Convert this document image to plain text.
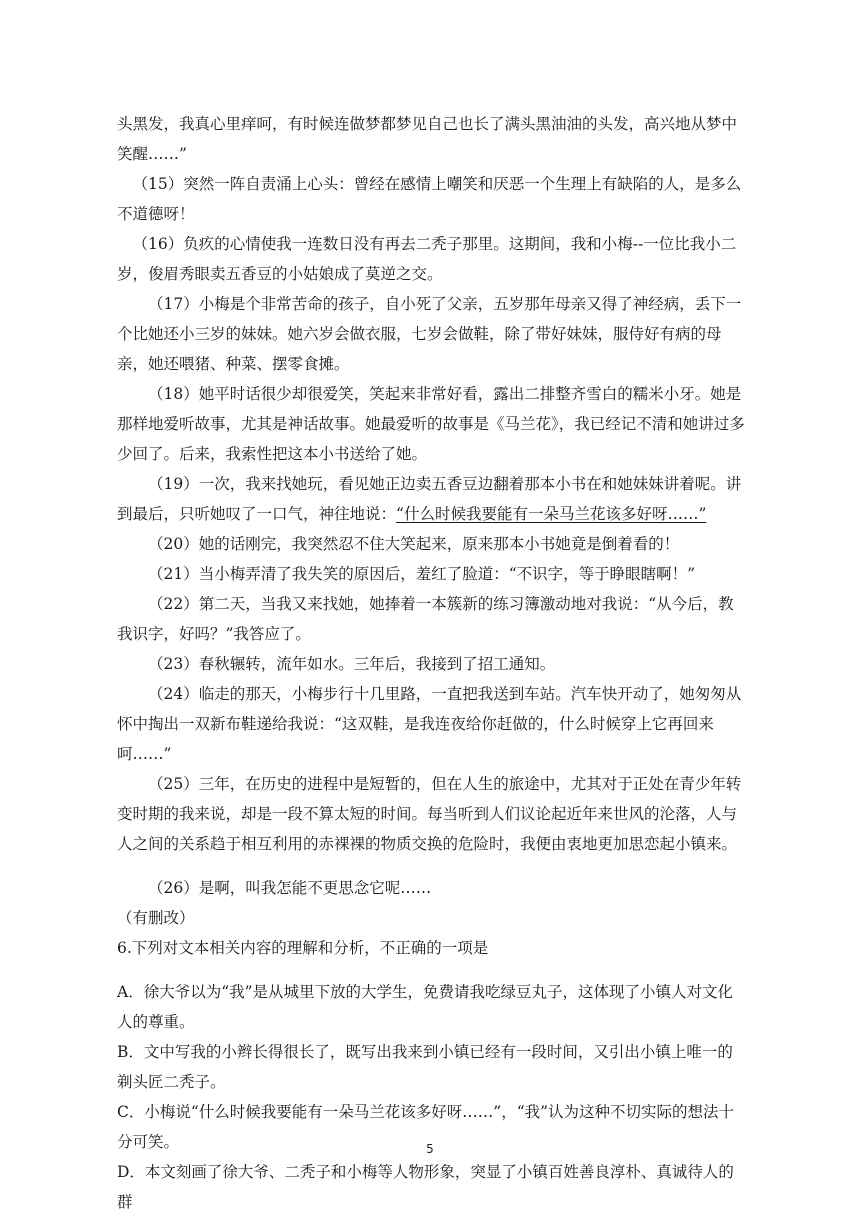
头黑发，我真心里痒呵，有时候连做梦都梦见自己也长了满头黑油油的头发，高兴地从梦中笑醒……”

（15）突然一阵自责涌上心头：曾经在感情上嘲笑和厌恶一个生理上有缺陷的人，是多么不道德呀！

（16）负疚的心情使我一连数日没有再去二秃子那里。这期间，我和小梅--一位比我小二岁，俊眉秀眼卖五香豆的小姑娘成了莫逆之交。

（17）小梅是个非常苦命的孩子，自小死了父亲，五岁那年母亲又得了神经病，丢下一个比她还小三岁的妹妹。她六岁会做衣服，七岁会做鞋，除了带好妹妹，服侍好有病的母亲，她还喂猪、种菜、摆零食摊。

（18）她平时话很少却很爱笑，笑起来非常好看，露出二排整齐雪白的糯米小牙。她是那样地爱听故事，尤其是神话故事。她最爱听的故事是《马兰花》，我已经记不清和她讲过多少回了。后来，我索性把这本小书送给了她。

（19）一次，我来找她玩，看见她正边卖五香豆边翻着那本小书在和她妹妹讲着呢。讲到最后，只听她叹了一口气，神往地说：“什么时候我要能有一朵马兰花该多好呀……”

（20）她的话刚完，我突然忍不住大笑起来，原来那本小书她竟是倒着看的！

（21）当小梅弄清了我失笑的原因后，羞红了脸道：“不识字，等于睁眼瞎啊！”

（22）第二天，当我又来找她，她捧着一本簇新的练习簿激动地对我说：“从今后，教我识字，好吗？”我答应了。

（23）春秋辗转，流年如水。三年后，我接到了招工通知。

（24）临走的那天，小梅步行十几里路，一直把我送到车站。汽车快开动了，她匆匆从怀中掏出一双新布鞋递给我说：“这双鞋，是我连夜给你赶做的，什么时候穿上它再回来呵……”

（25）三年，在历史的进程中是短暂的，但在人生的旅途中，尤其对于正处在青少年转变时期的我来说，却是一段不算太短的时间。每当听到人们议论起近年来世风的沦落，人与人之间的关系趋于相互利用的赤裸裸的物质交换的危险时，我便由衷地更加思恋起小镇来。

（26）是啊，叫我怎能不更思念它呢……

（有删改）

6.下列对文本相关内容的理解和分析，不正确的一项是

A．徐大爷以为“我”是从城里下放的大学生，免费请我吃绿豆丸子，这体现了小镇人对文化人的尊重。

B．文中写我的小辫长得很长了，既写出我来到小镇已经有一段时间，又引出小镇上唯一的剃头匠二秃子。

C．小梅说“什么时候我要能有一朵马兰花该多好呀……”，“我”认为这种不切实际的想法十分可笑。

D．本文刻画了徐大爷、二秃子和小梅等人物形象，突显了小镇百姓善良淳朴、真诚待人的群

5
